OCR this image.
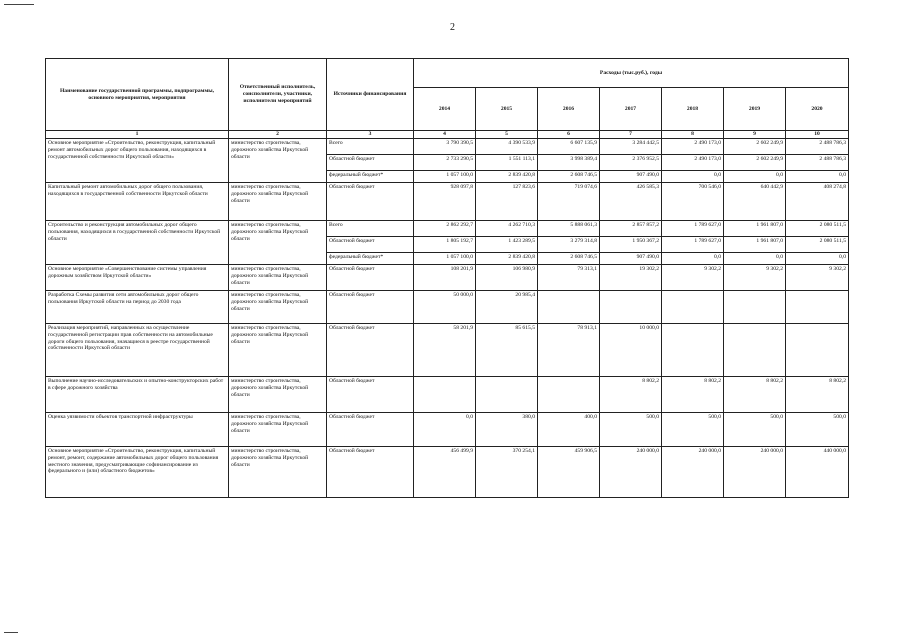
2
Наименование государственной программы, подпрограммы, основного мероприятия, мероприятия	Ответственный исполнитель, соисполнители, участники, исполнители мероприятий	Источники финансирования	Расходы (тыс.руб.), годы						
			2014	2015	2016	2017	2018	2019	2020
1	2	3	4	5	6	7	8	9	10
Основное мероприятие «Строительство, реконструкция, капитальный ремонт автомобильных дорог общего пользования, находящихся в государственной собственности Иркутской области»	министерство строительства, дорожного хозяйства Иркутской области	Всего	3 790 390,5	4 390 533,9	6 607 135,9	3 284 442,5	2 490 173,0	2 602 249,9	2 488 786,3
		Областной бюджет	2 733 290,5	1 551 113,1	3 998 389,4	2 376 952,5	2 490 173,0	2 602 249,9	2 488 786,3
		федеральный бюджет*	1 057 100,0	2 839 420,8	2 608 746,5	907 490,0	0,0	0,0	0,0
Капитальный ремонт автомобильных дорог общего пользования, находящихся в государственной собственности Иркутской области	министерство строительства, дорожного хозяйства Иркутской области	Областной бюджет	928 097,8	127 823,6	719 074,6	426 585,3	700 546,0	640 442,9	408 274,8
Строительство и реконструкция автомобильных дорог общего пользования, находящихся в государственной собственности Иркутской области	министерство строительства, дорожного хозяйства Иркутской области	Всего	2 862 292,7	4 262 710,3	5 888 061,3	2 857 857,2	1 789 627,0	1 961 807,0	2 080 511,5
		Областной бюджет	1 805 192,7	1 423 289,5	3 279 314,8	1 950 367,2	1 789 627,0	1 961 807,0	2 080 511,5
		федеральный бюджет*	1 057 100,0	2 839 420,8	2 608 746,5	907 490,0	0,0	0,0	0,0
Основное мероприятие «Совершенствование системы управления дорожным хозяйством Иркутской области»	министерство строительства, дорожного хозяйства Иркутской области	Областной бюджет	108 201,9	106 980,9	79 313,1	19 302,2	9 302,2	9 302,2	9 302,2
Разработка Схемы развития сети автомобильных дорог общего пользования Иркутской области на период до 2030 года	министерство строительства, дорожного хозяйства Иркутской области	Областной бюджет	50 000,0	20 985,4					
Реализация мероприятий, направленных на осуществление государственной регистрации прав собственности на автомобильные дороги общего пользования, значащиеся в реестре государственной собственности Иркутской области	министерство строительства, дорожного хозяйства Иркутской области	Областной бюджет	58 201,9	85 615,5	78 913,1	10 000,0			
Выполнение научно-исследовательских и опытно-конструкторских работ в сфере дорожного хозяйства	министерство строительства, дорожного хозяйства Иркутской области	Областной бюджет				8 802,2	8 802,2	8 802,2	8 802,2
Оценка уязвимости объектов транспортной инфраструктуры	министерство строительства, дорожного хозяйства Иркутской области	Областной бюджет	0,0	380,0	400,0	500,0	500,0	500,0	500,0
Основное мероприятие «Строительство, реконструкция, капитальный ремонт, ремонт, содержание автомобильных дорог общего пользования местного значения, предусматривающие софинансирование из федерального и (или) областного бюджетов»	министерство строительства, дорожного хозяйства Иркутской области	Областной бюджет	456 499,9	370 254,1	459 906,5	240 000,0	240 000,0	240 000,0	440 000,0
